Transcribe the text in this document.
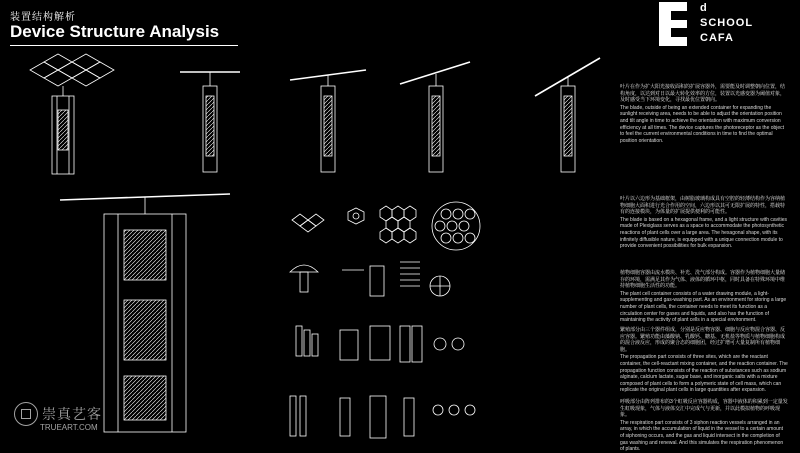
装置结构解析
Device Structure Analysis
d
SCHOOL
CAFA
叶片在作为扩大阳光接收面积的扩展容器外，需要能及时调整朝向位置，结构角度，以达到对日以最大转化效率的方位，装置以光感变器为阈值对象，及时感受当下环境变化，寻找最优位置朝向。
The blade, outside of being an extended container for expanding the sunlight receiving area, needs to be able to adjust the orientation position and tilt angle in time to achieve the orientation with maximum conversion efficiency at all times. The device captures the photoreceptor as the object to feel the current environmental conditions in time to find the optimal position orientation.
叶片以六边形为基础框架，由树脂玻璃构成具有空腔的轻薄结构作为容纳植物细胞大面积进行光合作用的空间，六边形以其可无限扩展的特性，搭载特有的连接模块，为体量的扩展提供便利的可能性。
The blade is based on a hexagonal frame, and a light structure with cavities made of Plexiglass serves as a space to accommodate the photosynthetic reactions of plant cells over a large area. The hexagonal shape, with its infinitely diffusible nature, is equipped with a unique connection module to provide convenient possibilities for bulk expansion.
植物细胞容器由流水模块、补光、洗气部分构成。容器作为植物细胞大量储存的环境，需满足其作为气体、液体的循环中枢，同时具备在特殊环境中维持植物细胞生活性的功能。
The plant cell container consists of a water drawing module, a light-supplementing and gas-washing part. As an environment for storing a large number of plant cells, the container needs to meet its function as a circulation center for gases and liquids, and also has the function of maintaining the activity of plant cells in a special environment.
繁殖部分由三个器件组成，分别是反应物容器、细胞与反应物混合容器、反应容器。繁殖功能由藻酸钠、乳酸钙、糖基、无机盐等物质与植物细胞构成的混合液反应，形成的聚合态的细胞团，经过扩增可大量复制所有植物细胞。
The propagation part consists of three sites, which are the reactant container, the cell-reactant mixing container, and the reaction container. The propagation function consists of the reaction of substances such as sodium alginate, calcium lactate, sugar base, and inorganic salts with a mixture composed of plant cells to form a polymeric state of cell mass, which can replicate the original plant cells in large quantities after expansion.
呼吸部分由阵列排布的3个虹吸反应容器构成，容器中液体的积累到一定量发生虹吸现象，气体与液体交汇中完成气与更新，并以此模拟植物的呼吸现象。
The respiration part consists of 3 siphon reaction vessels arranged in an array, in which the accumulation of liquid in the vessel to a certain amount of siphoning occurs, and the gas and liquid intersect in the completion of gas washing and renewal. And this simulates the respiration phenomenon of plants.
崇真艺客
TRUEART.COM
